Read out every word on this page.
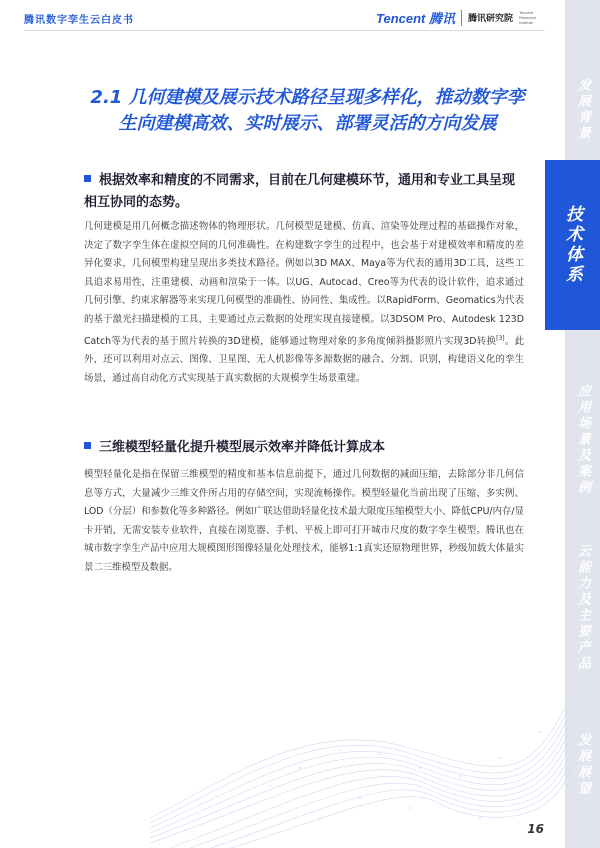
腾讯数字孪生云白皮书	Tencent 腾讯 腾讯研究院
Tencent Research Institute
发展背景
技术体系
应用场景及案例
云能力及主要产品
发展展望
2.1 几何建模及展示技术路径呈现多样化，推动数字孪
生向建模高效、实时展示、部署灵活的方向发展
根据效率和精度的不同需求，目前在几何建模环节，通用和专业工具呈现相互协同的态势。
几何建模是用几何概念描述物体的物理形状。几何模型是建模、仿真、渲染等处理过程的基础操作对象，决定了数字孪生体在虚拟空间的几何准确性。在构建数字孪生的过程中，也会基于对建模效率和精度的差异化要求，几何模型构建呈现出多类技术路径。例如以3D MAX、Maya等为代表的通用3D工具，这些工具追求易用性，注重建模、动画和渲染于一体。以UG、Autocad、Creo等为代表的设计软件，追求通过几何引擎、约束求解器等来实现几何模型的准确性、协同性、集成性。以RapidForm、Geomatics为代表的基于激光扫描建模的工具，主要通过点云数据的处理实现直接建模。以3DSOM Pro、Autodesk 123D Catch等为代表的基于照片转换的3D建模，能够通过物理对象的多角度倾斜摄影照片实现3D转换[3]。此外，还可以利用对点云、图像、卫星图、无人机影像等多源数据的融合、分割、识别，构建语义化的孪生场景，通过高自动化方式实现基于真实数据的大规模孪生场景重建。
三维模型轻量化提升模型展示效率并降低计算成本
模型轻量化是指在保留三维模型的精度和基本信息前提下，通过几何数据的减面压缩，去除部分非几何信息等方式，大量减少三维文件所占用的存储空间，实现流畅操作。模型轻量化当前出现了压缩、多实例、LOD（分层）和参数化等多种路径。例如广联达借助轻量化技术最大限度压缩模型大小、降低CPU/内存/显卡开销，无需安装专业软件，直接在浏览器、手机、平板上即可打开城市尺度的数字孪生模型。腾讯也在城市数字孪生产品中应用大规模图形图像轻量化处理技术，能够1:1真实还原物理世界，秒级加载大体量实景二三维模型及数据。
16
